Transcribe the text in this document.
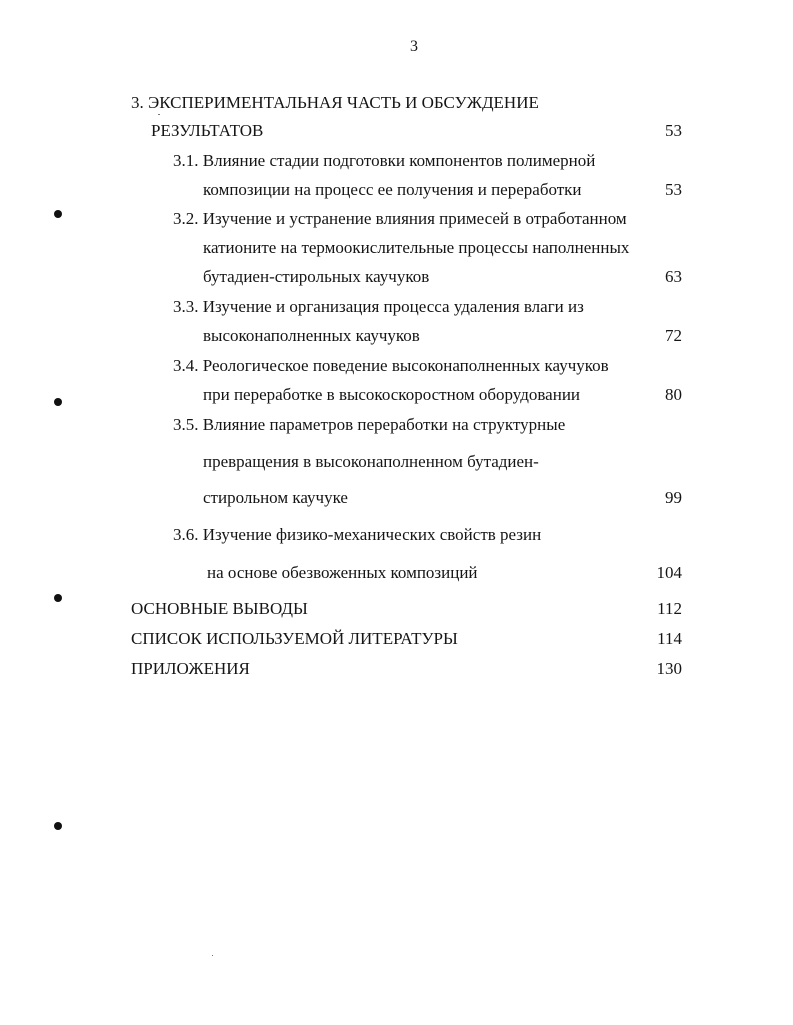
3
3. ЭКСПЕРИМЕНТАЛЬНАЯ ЧАСТЬ И ОБСУЖДЕНИЕ
РЕЗУЛЬТАТОВ	53
3.1. Влияние стадии подготовки компонентов полимерной
композиции на процесс ее получения и переработки	53
3.2. Изучение и устранение влияния примесей в отработанном
катионите на термоокислительные процессы наполненных
бутадиен-стирольных каучуков	63
3.3. Изучение и организация процесса удаления влаги из
высоконаполненных каучуков	72
3.4. Реологическое поведение высоконаполненных каучуков
при переработке в высокоскоростном оборудовании	80
3.5. Влияние параметров переработки на структурные
превращения в высоконаполненном бутадиен-
стирольном каучуке	99
3.6. Изучение физико-механических свойств резин
на основе обезвоженных композиций	104
ОСНОВНЫЕ ВЫВОДЫ	112
СПИСОК ИСПОЛЬЗУЕМОЙ ЛИТЕРАТУРЫ	114
ПРИЛОЖЕНИЯ	130
